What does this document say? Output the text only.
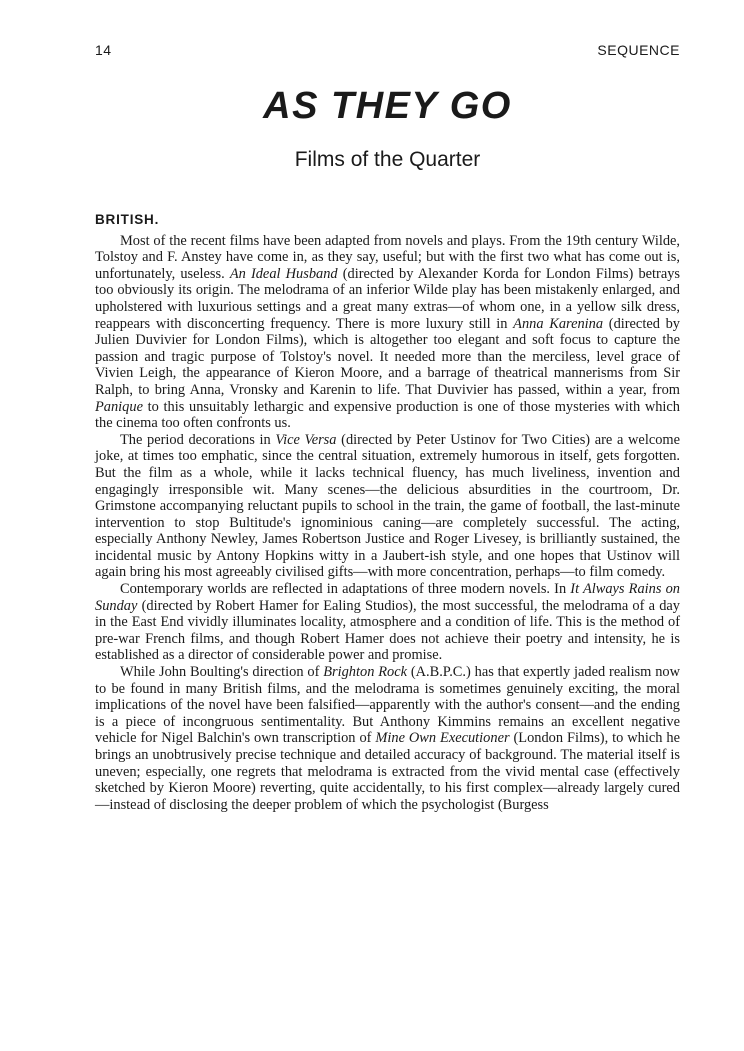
14	SEQUENCE
AS THEY GO
Films of the Quarter
BRITISH.

Most of the recent films have been adapted from novels and plays. From the 19th century Wilde, Tolstoy and F. Anstey have come in, as they say, useful; but with the first two what has come out is, unfortunately, useless. An Ideal Husband (directed by Alexander Korda for London Films) betrays too obviously its origin. The melodrama of an inferior Wilde play has been mistakenly enlarged, and upholstered with luxurious settings and a great many extras—of whom one, in a yellow silk dress, reappears with disconcerting frequency. There is more luxury still in Anna Karenina (directed by Julien Duvivier for London Films), which is altogether too elegant and soft focus to capture the passion and tragic purpose of Tolstoy's novel. It needed more than the merciless, level grace of Vivien Leigh, the appearance of Kieron Moore, and a barrage of theatrical mannerisms from Sir Ralph, to bring Anna, Vronsky and Karenin to life. That Duvivier has passed, within a year, from Panique to this unsuitably lethargic and expensive production is one of those mysteries with which the cinema too often confronts us.

The period decorations in Vice Versa (directed by Peter Ustinov for Two Cities) are a welcome joke, at times too emphatic, since the central situation, extremely humorous in itself, gets forgotten. But the film as a whole, while it lacks technical fluency, has much liveliness, invention and engagingly irresponsible wit. Many scenes—the delicious absurdities in the courtroom, Dr. Grimstone accompanying reluctant pupils to school in the train, the game of football, the last-minute intervention to stop Bultitude's ignominious caning—are completely successful. The acting, especially Anthony Newley, James Robertson Justice and Roger Livesey, is brilliantly sustained, the incidental music by Antony Hopkins witty in a Jaubert-ish style, and one hopes that Ustinov will again bring his most agreeably civilised gifts—with more concentration, perhaps—to film comedy.

Contemporary worlds are reflected in adaptations of three modern novels. In It Always Rains on Sunday (directed by Robert Hamer for Ealing Studios), the most successful, the melodrama of a day in the East End vividly illuminates locality, atmosphere and a condition of life. This is the method of pre-war French films, and though Robert Hamer does not achieve their poetry and intensity, he is established as a director of considerable power and promise.

While John Boulting's direction of Brighton Rock (A.B.P.C.) has that expertly jaded realism now to be found in many British films, and the melodrama is sometimes genuinely exciting, the moral implications of the novel have been falsified—apparently with the author's consent—and the ending is a piece of incongruous sentimentality. But Anthony Kimmins remains an excellent negative vehicle for Nigel Balchin's own transcription of Mine Own Executioner (London Films), to which he brings an unobtrusively precise technique and detailed accuracy of background. The material itself is uneven; especially, one regrets that melodrama is extracted from the vivid mental case (effectively sketched by Kieron Moore) reverting, quite accidentally, to his first complex—already largely cured—instead of disclosing the deeper problem of which the psychologist (Burgess
